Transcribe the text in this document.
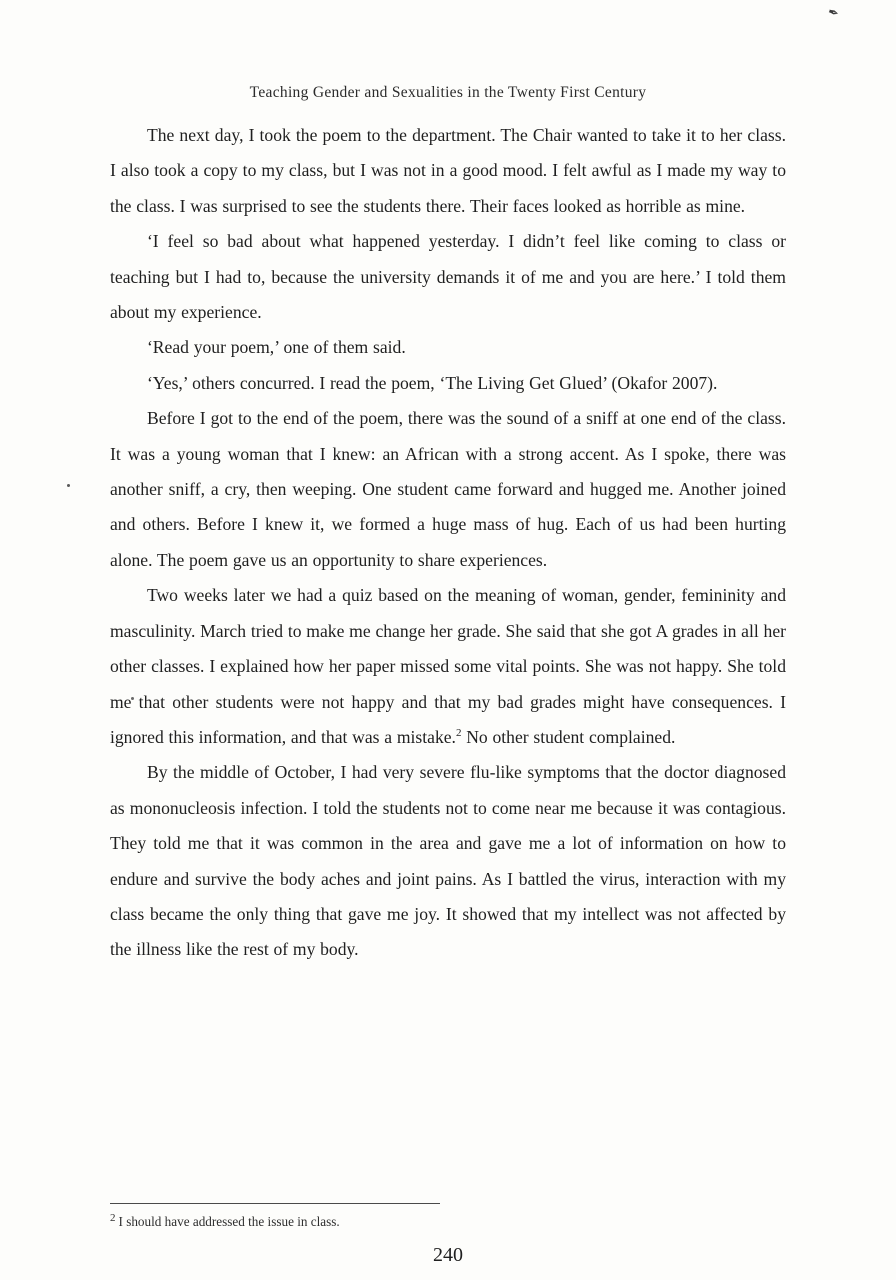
✒
Teaching Gender and Sexualities in the Twenty First Century

The next day, I took the poem to the department. The Chair wanted to take it to her class. I also took a copy to my class, but I was not in a good mood. I felt awful as I made my way to the class. I was surprised to see the students there. Their faces looked as horrible as mine.

‘I feel so bad about what happened yesterday. I didn’t feel like coming to class or teaching but I had to, because the university demands it of me and you are here.’ I told them about my experience.

‘Read your poem,’ one of them said.

‘Yes,’ others concurred. I read the poem, ‘The Living Get Glued’ (Okafor 2007).

Before I got to the end of the poem, there was the sound of a sniff at one end of the class. It was a young woman that I knew: an African with a strong accent. As I spoke, there was another sniff, a cry, then weeping. One student came forward and hugged me. Another joined and others. Before I knew it, we formed a huge mass of hug. Each of us had been hurting alone. The poem gave us an opportunity to share experiences.

Two weeks later we had a quiz based on the meaning of woman, gender, femininity and masculinity. March tried to make me change her grade. She said that she got A grades in all her other classes. I explained how her paper missed some vital points. She was not happy. She told me that other students were not happy and that my bad grades might have consequences. I ignored this information, and that was a mistake.$^2$ No other student complained.

By the middle of October, I had very severe flu-like symptoms that the doctor diagnosed as mononucleosis infection. I told the students not to come near me because it was contagious. They told me that it was common in the area and gave me a lot of information on how to endure and survive the body aches and joint pains. As I battled the virus, interaction with my class became the only thing that gave me joy. It showed that my intellect was not affected by the illness like the rest of my body.

$^2$ I should have addressed the issue in class.
240
